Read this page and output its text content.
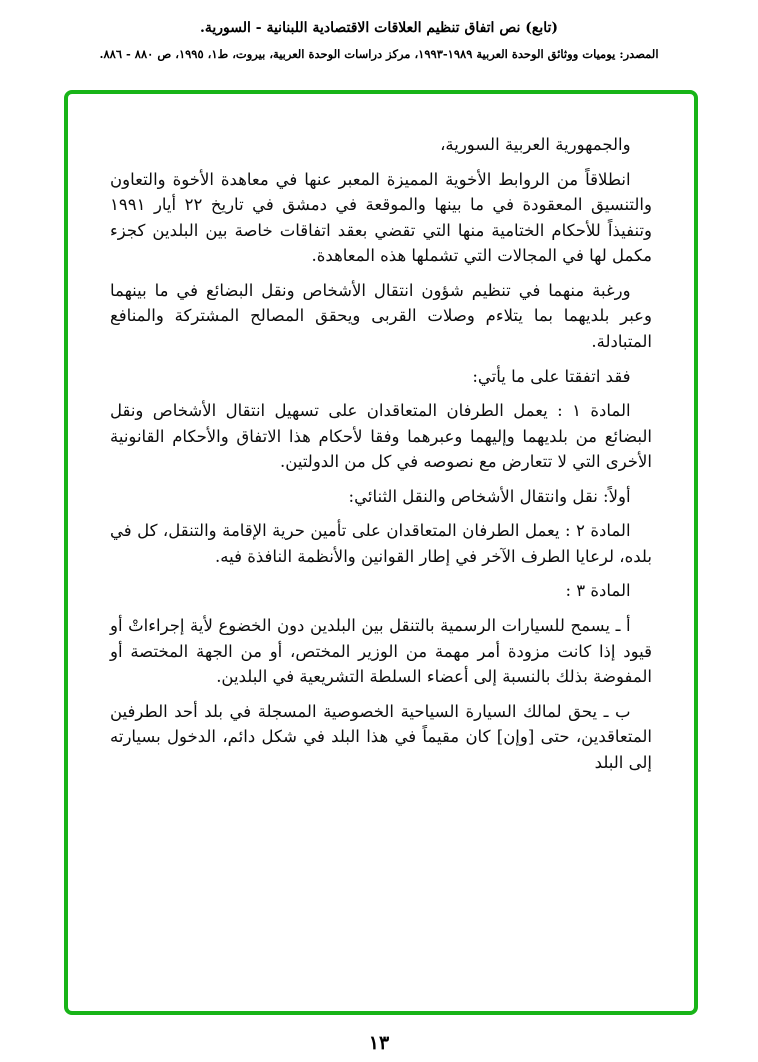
(تابع) نص اتفاق تنظيم العلاقات الاقتصادية اللبنانية - السورية.
المصدر: يوميات ووثائق الوحدة العربية ١٩٨٩-١٩٩٣، مركز دراسات الوحدة العربية، بيروت، ط١، ١٩٩٥، ص ٨٨٠ - ٨٨٦.

والجمهورية العربية السورية،

انطلاقاً من الروابط الأخوية المميزة المعبر عنها في معاهدة الأخوة والتعاون والتنسيق المعقودة في ما بينها والموقعة في دمشق في تاريخ ٢٢ أيار ١٩٩١ وتنفيذاً للأحكام الختامية منها التي تقضي بعقد اتفاقات خاصة بين البلدين كجزء مكمل لها في المجالات التي تشملها هذه المعاهدة.

ورغبة منهما في تنظيم شؤون انتقال الأشخاص ونقل البضائع في ما بينهما وعبر بلديهما بما يتلاءم وصلات القربى ويحقق المصالح المشتركة والمنافع المتبادلة.

فقد اتفقتا على ما يأتي:

المادة ١ : يعمل الطرفان المتعاقدان على تسهيل انتقال الأشخاص ونقل البضائع من بلديهما وإليهما وعبرهما وفقا لأحكام هذا الاتفاق والأحكام القانونية الأخرى التي لا تتعارض مع نصوصه في كل من الدولتين.

أولاً: نقل وانتقال الأشخاص والنقل الثنائي:

المادة ٢ : يعمل الطرفان المتعاقدان على تأمين حرية الإقامة والتنقل، كل في بلده، لرعايا الطرف الآخر في إطار القوانين والأنظمة النافذة فيه.

المادة ٣ :

أ ـ يسمح للسيارات الرسمية بالتنقل بين البلدين دون الخضوع لأية إجراءاتْ أو قيود إذا كانت مزودة أمر مهمة من الوزير المختص، أو من الجهة المختصة أو المفوضة بذلك بالنسبة إلى أعضاء السلطة التشريعية في البلدين.

ب ـ يحق لمالك السيارة السياحية الخصوصية المسجلة في بلد أحد الطرفين المتعاقدين، حتى [وإن] كان مقيماً في هذا البلد في شكل دائم، الدخول بسيارته إلى البلد

١٣
